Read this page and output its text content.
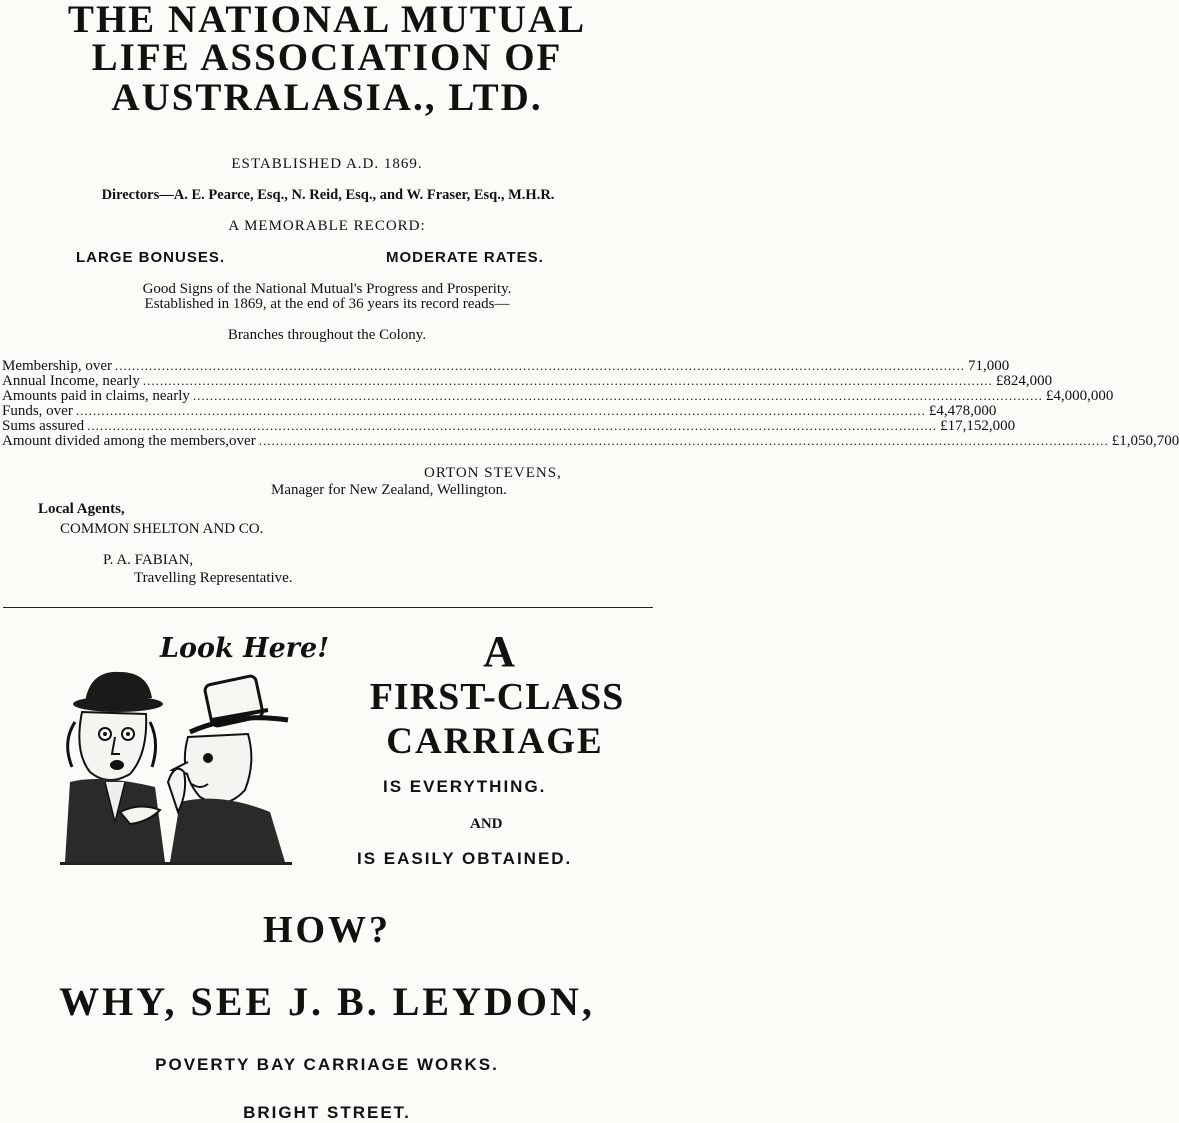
THE NATIONAL MUTUAL
LIFE ASSOCIATION OF
AUSTRALASIA., LTD.
ESTABLISHED A.D. 1869.
Directors—A. E. Pearce, Esq., N. Reid, Esq., and W. Fraser, Esq., M.H.R.
A MEMORABLE RECORD:
LARGE BONUSES.	MODERATE RATES.
Good Signs of the National Mutual's Progress and Prosperity.
Established in 1869, at the end of 36 years its record reads—
Branches throughout the Colony.
Membership, over ........................................................................................................................................................................................................ 71,000
Annual Income, nearly ........................................................................................................................................................................................................ £824,000
Amounts paid in claims, nearly ........................................................................................................................................................................................................ £4,000,000
Funds, over ........................................................................................................................................................................................................ £4,478,000
Sums assured ........................................................................................................................................................................................................ £17,152,000
Amount divided among the members,over ........................................................................................................................................................................................................ £1,050,700
ORTON STEVENS,
Manager for New Zealand, Wellington.
Local Agents,
COMMON SHELTON AND CO.
P. A. FABIAN,
Travelling Representative.
Look Here!	A
FIRST-CLASS
CARRIAGE
IS EVERYTHING.
AND
IS EASILY OBTAINED.
HOW?
WHY, SEE J. B. LEYDON,
POVERTY BAY CARRIAGE WORKS.
BRIGHT STREET.
